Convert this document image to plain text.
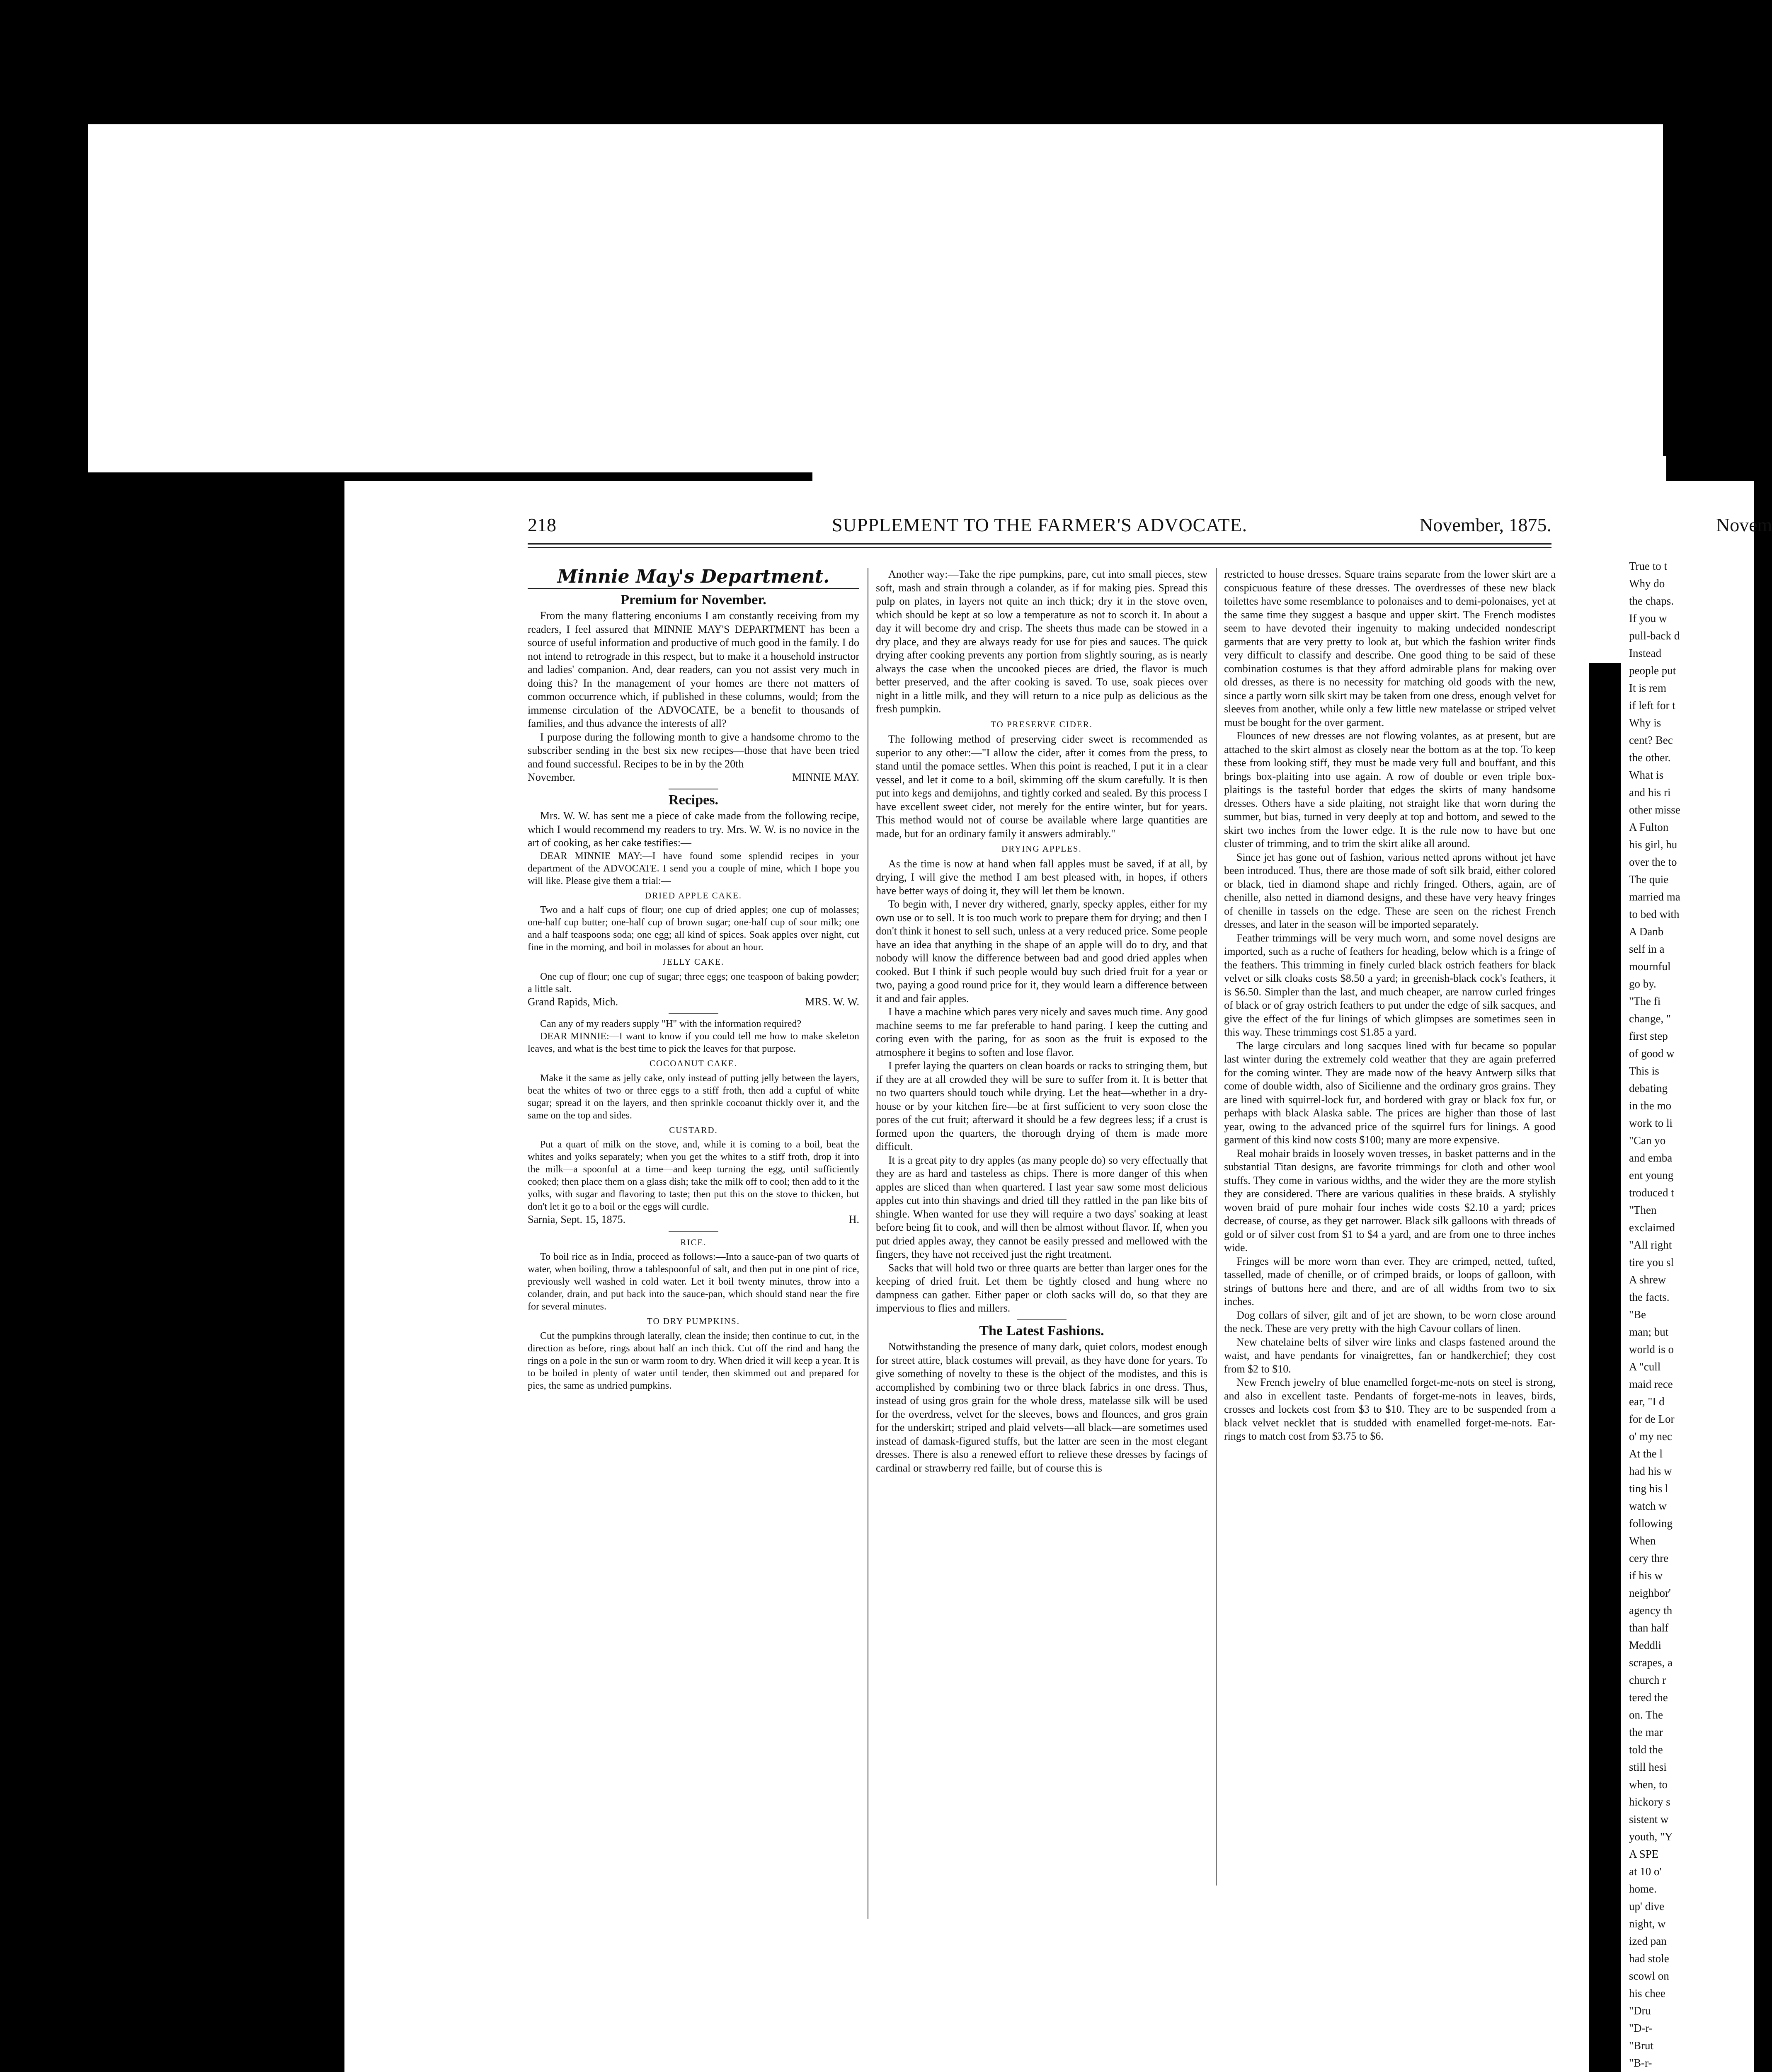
218	SUPPLEMENT TO THE FARMER'S ADVOCATE.	November, 1875.
Minnie May's Department.
Premium for November.

From the many flattering enconiums I am constantly receiving from my readers, I feel assured that MINNIE MAY'S DEPARTMENT has been a source of useful information and productive of much good in the family. I do not intend to retrograde in this respect, but to make it a household instructor and ladies' companion. And, dear readers, can you not assist very much in doing this? In the management of your homes are there not matters of common occurrence which, if published in these columns, would; from the immense circulation of the ADVOCATE, be a benefit to thousands of families, and thus advance the interests of all?

I purpose during the following month to give a handsome chromo to the subscriber sending in the best six new recipes—those that have been tried and found successful. Recipes to be in by the 20th

November.	MINNIE MAY.
Recipes.

Mrs. W. W. has sent me a piece of cake made from the following recipe, which I would recommend my readers to try. Mrs. W. W. is no novice in the art of cooking, as her cake testifies:—

DEAR MINNIE MAY:—I have found some splendid recipes in your department of the ADVOCATE. I send you a couple of mine, which I hope you will like. Please give them a trial:—

DRIED APPLE CAKE.

Two and a half cups of flour; one cup of dried apples; one cup of molasses; one-half cup butter; one-half cup of brown sugar; one-half cup of sour milk; one and a half teaspoons soda; one egg; all kind of spices. Soak apples over night, cut fine in the morning, and boil in molasses for about an hour.

JELLY CAKE.

One cup of flour; one cup of sugar; three eggs; one teaspoon of baking powder; a little salt.

Grand Rapids, Mich.	MRS. W. W.

Can any of my readers supply "H" with the information required?

DEAR MINNIE:—I want to know if you could tell me how to make skeleton leaves, and what is the best time to pick the leaves for that purpose.

COCOANUT CAKE.

Make it the same as jelly cake, only instead of putting jelly between the layers, beat the whites of two or three eggs to a stiff froth, then add a cupful of white sugar; spread it on the layers, and then sprinkle cocoanut thickly over it, and the same on the top and sides.

CUSTARD.

Put a quart of milk on the stove, and, while it is coming to a boil, beat the whites and yolks separately; when you get the whites to a stiff froth, drop it into the milk—a spoonful at a time—and keep turning the egg, until sufficiently cooked; then place them on a glass dish; take the milk off to cool; then add to it the yolks, with sugar and flavoring to taste; then put this on the stove to thicken, but don't let it go to a boil or the eggs will curdle.

Sarnia, Sept. 15, 1875.	H.
RICE.

To boil rice as in India, proceed as follows:—Into a sauce-pan of two quarts of water, when boiling, throw a tablespoonful of salt, and then put in one pint of rice, previously well washed in cold water. Let it boil twenty minutes, throw into a colander, drain, and put back into the sauce-pan, which should stand near the fire for several minutes.

TO DRY PUMPKINS.

Cut the pumpkins through laterally, clean the inside; then continue to cut, in the direction as before, rings about half an inch thick. Cut off the rind and hang the rings on a pole in the sun or warm room to dry. When dried it will keep a year. It is to be boiled in plenty of water until tender, then skimmed out and prepared for pies, the same as undried pumpkins.

Another way:—Take the ripe pumpkins, pare, cut into small pieces, stew soft, mash and strain through a colander, as if for making pies. Spread this pulp on plates, in layers not quite an inch thick; dry it in the stove oven, which should be kept at so low a temperature as not to scorch it. In about a day it will become dry and crisp. The sheets thus made can be stowed in a dry place, and they are always ready for use for pies and sauces. The quick drying after cooking prevents any portion from slightly souring, as is nearly always the case when the uncooked pieces are dried, the flavor is much better preserved, and the after cooking is saved. To use, soak pieces over night in a little milk, and they will return to a nice pulp as delicious as the fresh pumpkin.

TO PRESERVE CIDER.

The following method of preserving cider sweet is recommended as superior to any other:—"I allow the cider, after it comes from the press, to stand until the pomace settles. When this point is reached, I put it in a clear vessel, and let it come to a boil, skimming off the skum carefully. It is then put into kegs and demijohns, and tightly corked and sealed. By this process I have excellent sweet cider, not merely for the entire winter, but for years. This method would not of course be available where large quantities are made, but for an ordinary family it answers admirably."

DRYING APPLES.

As the time is now at hand when fall apples must be saved, if at all, by drying, I will give the method I am best pleased with, in hopes, if others have better ways of doing it, they will let them be known.

To begin with, I never dry withered, gnarly, specky apples, either for my own use or to sell. It is too much work to prepare them for drying; and then I don't think it honest to sell such, unless at a very reduced price. Some people have an idea that anything in the shape of an apple will do to dry, and that nobody will know the difference between bad and good dried apples when cooked. But I think if such people would buy such dried fruit for a year or two, paying a good round price for it, they would learn a difference between it and and fair apples.

I have a machine which pares very nicely and saves much time. Any good machine seems to me far preferable to hand paring. I keep the cutting and coring even with the paring, for as soon as the fruit is exposed to the atmosphere it begins to soften and lose flavor.

I prefer laying the quarters on clean boards or racks to stringing them, but if they are at all crowded they will be sure to suffer from it. It is better that no two quarters should touch while drying. Let the heat—whether in a dry-house or by your kitchen fire—be at first sufficient to very soon close the pores of the cut fruit; afterward it should be a few degrees less; if a crust is formed upon the quarters, the thorough drying of them is made more difficult.

It is a great pity to dry apples (as many people do) so very effectually that they are as hard and tasteless as chips. There is more danger of this when apples are sliced than when quartered. I last year saw some most delicious apples cut into thin shavings and dried till they rattled in the pan like bits of shingle. When wanted for use they will require a two days' soaking at least before being fit to cook, and will then be almost without flavor. If, when you put dried apples away, they cannot be easily pressed and mellowed with the fingers, they have not received just the right treatment.

Sacks that will hold two or three quarts are better than larger ones for the keeping of dried fruit. Let them be tightly closed and hung where no dampness can gather. Either paper or cloth sacks will do, so that they are impervious to flies and millers.

The Latest Fashions.

Notwithstanding the presence of many dark, quiet colors, modest enough for street attire, black costumes will prevail, as they have done for years. To give something of novelty to these is the object of the modistes, and this is accomplished by combining two or three black fabrics in one dress. Thus, instead of using gros grain for the whole dress, matelasse silk will be used for the overdress, velvet for the sleeves, bows and flounces, and gros grain for the underskirt; striped and plaid velvets—all black—are sometimes used instead of damask-figured stuffs, but the latter are seen in the most elegant dresses. There is also a renewed effort to relieve these dresses by facings of cardinal or strawberry red faille, but of course this is

restricted to house dresses. Square trains separate from the lower skirt are a conspicuous feature of these dresses. The overdresses of these new black toilettes have some resemblance to polonaises and to demi-polonaises, yet at the same time they suggest a basque and upper skirt. The French modistes seem to have devoted their ingenuity to making undecided nondescript garments that are very pretty to look at, but which the fashion writer finds very difficult to classify and describe. One good thing to be said of these combination costumes is that they afford admirable plans for making over old dresses, as there is no necessity for matching old goods with the new, since a partly worn silk skirt may be taken from one dress, enough velvet for sleeves from another, while only a few little new matelasse or striped velvet must be bought for the over garment.

Flounces of new dresses are not flowing volantes, as at present, but are attached to the skirt almost as closely near the bottom as at the top. To keep these from looking stiff, they must be made very full and bouffant, and this brings box-plaiting into use again. A row of double or even triple box-plaitings is the tasteful border that edges the skirts of many handsome dresses. Others have a side plaiting, not straight like that worn during the summer, but bias, turned in very deeply at top and bottom, and sewed to the skirt two inches from the lower edge. It is the rule now to have but one cluster of trimming, and to trim the skirt alike all around.

Since jet has gone out of fashion, various netted aprons without jet have been introduced. Thus, there are those made of soft silk braid, either colored or black, tied in diamond shape and richly fringed. Others, again, are of chenille, also netted in diamond designs, and these have very heavy fringes of chenille in tassels on the edge. These are seen on the richest French dresses, and later in the season will be imported separately.

Feather trimmings will be very much worn, and some novel designs are imported, such as a ruche of feathers for heading, below which is a fringe of the feathers. This trimming in finely curled black ostrich feathers for black velvet or silk cloaks costs $8.50 a yard; in greenish-black cock's feathers, it is $6.50. Simpler than the last, and much cheaper, are narrow curled fringes of black or of gray ostrich feathers to put under the edge of silk sacques, and give the effect of the fur linings of which glimpses are sometimes seen in this way. These trimmings cost $1.85 a yard.

The large circulars and long sacques lined with fur became so popular last winter during the extremely cold weather that they are again preferred for the coming winter. They are made now of the heavy Antwerp silks that come of double width, also of Sicilienne and the ordinary gros grains. They are lined with squirrel-lock fur, and bordered with gray or black fox fur, or perhaps with black Alaska sable. The prices are higher than those of last year, owing to the advanced price of the squirrel furs for linings. A good garment of this kind now costs $100; many are more expensive.

Real mohair braids in loosely woven tresses, in basket patterns and in the substantial Titan designs, are favorite trimmings for cloth and other wool stuffs. They come in various widths, and the wider they are the more stylish they are considered. There are various qualities in these braids. A stylishly woven braid of pure mohair four inches wide costs $2.10 a yard; prices decrease, of course, as they get narrower. Black silk galloons with threads of gold or of silver cost from $1 to $4 a yard, and are from one to three inches wide.

Fringes will be more worn than ever. They are crimped, netted, tufted, tasselled, made of chenille, or of crimped braids, or loops of galloon, with strings of buttons here and there, and are of all widths from two to six inches.

Dog collars of silver, gilt and of jet are shown, to be worn close around the neck. These are very pretty with the high Cavour collars of linen.

New chatelaine belts of silver wire links and clasps fastened around the waist, and have pendants for vinaigrettes, fan or handkerchief; they cost from $2 to $10.

New French jewelry of blue enamelled forget-me-nots on steel is strong, and also in excellent taste. Pendants of forget-me-nots in leaves, birds, crosses and lockets cost from $3 to $10. They are to be suspended from a black velvet necklet that is studded with enamelled forget-me-nots. Ear-rings to match cost from $3.75 to $6.

True to t
Why do
the chaps.
If you w
pull-back d
Instead
people put
It is rem
if left for t
Why is
cent? Bec
the other.
What is
and his ri
other misse
A Fulton
his girl, hu
over the to
The quie
married ma
to bed with
A Danb
self in a
mournful
go by.
"The fi
change, "
first step
of good w
This is
debating
in the mo
work to li
"Can yo
and emba
ent young
troduced t
"Then
exclaimed
"All right
tire you sl
A shrew
the facts.
"Be
man; but
world is o
A "cull
maid rece
ear, "I d
for de Lor
o' my nec
At the l
had his w
ting his l
watch w
following
When
cery thre
if his w
neighbor'
agency th
than half
Meddli
scrapes, a
church r
tered the
on. The
the mar
told the
still hesi
when, to
hickory s
sistent w
youth, "Y
A SPE
at 10 o'
home.
up' dive
night, w
ized pan
had stole
scowl on
his chee
"Dru
"D-r-
"Brut
"B-r-
Novem
